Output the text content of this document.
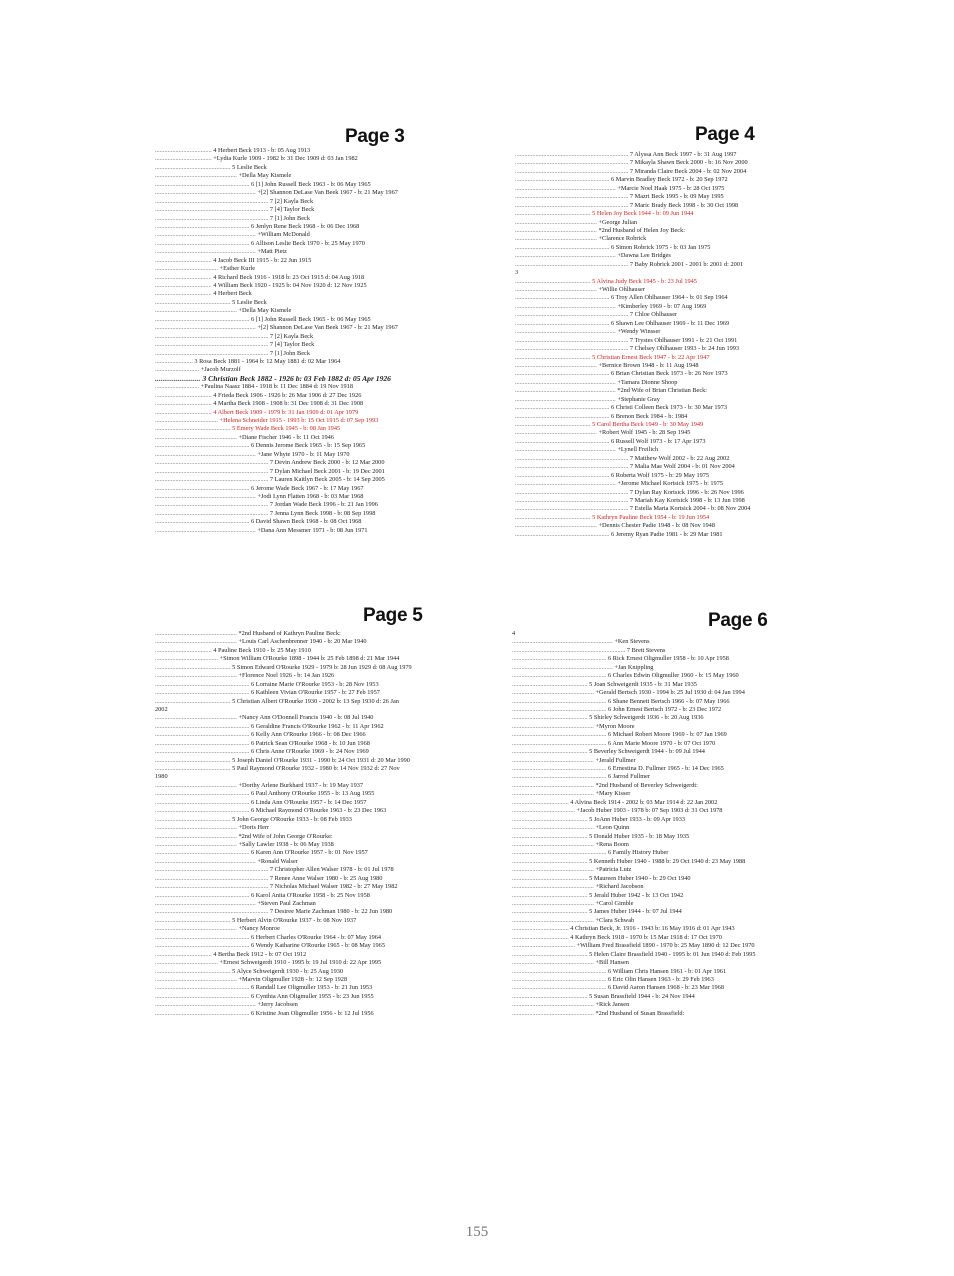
Page 3
.................................... 4 Herbert Beck 1913 - b: 05 Aug 1913
.................................... +Lydia Kurle 1909 - 1982 b: 31 Dec 1909 d: 03 Jan 1982
................................................ 5 Leslie Beck
.................................................... +Della May Kismele
............................................................ 6 [1] John Russell Beck 1963 - b: 06 May 1965
................................................................ +[2] Shannon DeLase Van Beek 1967 - b: 21 May 1967
........................................................................ 7 [2] Kayla Beck
........................................................................ 7 [4] Taylor Beck
........................................................................ 7 [1] John Beck
............................................................ 6 Jenlyn Rene Beck 1968 - b: 06 Dec 1968
................................................................ +William McDonald
............................................................ 6 Allison Leslie Beck 1970 - b: 25 May 1970
................................................................ +Matt Pietz
.................................... 4 Jacob Beck III 1915 - b: 22 Jun 1915
........................................ +Esther Kurle
.................................... 4 Richard Beck 1916 - 1918 b: 23 Oct 1915 d: 04 Aug 1918
.................................... 4 William Beck 1920 - 1925 b: 04 Nov 1920 d: 12 Nov 1925
.................................... 4 Herbert Beck
................................................ 5 Leslie Beck
.................................................... +Della May Kismele
............................................................ 6 [1] John Russell Beck 1965 - b: 06 May 1965
................................................................ +[2] Shannon DeLase Van Beek 1967 - b: 21 May 1967
........................................................................ 7 [2] Kayla Beck
........................................................................ 7 [4] Taylor Beck
........................................................................ 7 [1] John Beck
........................ 3 Rosa Beck 1881 - 1964 b: 12 May 1881 d: 02 Mar 1964
............................ +Jacob Murzolf
........................ 3 Christian Beck 1882 - 1926 b: 03 Feb 1882 d: 05 Apr 1926
............................ +Paulina Naasz 1884 - 1918 b: 11 Dec 1884 d: 19 Nov 1918
.................................... 4 Frieda Beck 1906 - 1926 b: 26 Mar 1906 d: 27 Dec 1926
.................................... 4 Martha Beck 1908 - 1908 b: 31 Dec 1908 d: 31 Dec 1908
.................................... 4 Albert Beck 1909 - 1979 b: 31 Jan 1909 d: 01 Apr 1979
........................................ +Helena Schneider 1915 - 1993 b: 15 Oct 1915 d: 07 Sep 1993
................................................ 5 Emery Wade Beck 1945 - b: 08 Jan 1945
.................................................... +Diane Fischer 1946 - b: 11 Oct 1946
............................................................ 6 Dennis Jerome Beck 1965 - b: 15 Sep 1965
................................................................ +Jane Whyte 1970 - b: 11 May 1970
........................................................................ 7 Devin Andrew Beck 2000 - b: 12 Mar 2000
........................................................................ 7 Dylan Michael Beck 2001 - b: 19 Dec 2001
........................................................................ 7 Lauren Kaitlyn Beck 2005 - b: 14 Sep 2005
............................................................ 6 Jerome Wade Beck 1967 - b: 17 May 1967
................................................................ +Jodi Lynn Flatten 1968 - b: 03 Mar 1968
........................................................................ 7 Jordan Wade Beck 1996 - b: 21 Jan 1996
........................................................................ 7 Jenna Lynn Beck 1998 - b: 08 Sep 1998
............................................................ 6 David Shawn Beck 1968 - b: 08 Oct 1968
................................................................ +Dana Ann Messmer 1971 - b: 08 Jun 1971
Page 4
........................................................................ 7 Alyssa Ann Beck 1997 - b: 31 Aug 1997
........................................................................ 7 Mikayla Shawn Beck 2000 - b: 16 Nov 2000
........................................................................ 7 Miranda Claire Beck 2004 - b: 02 Nov 2004
............................................................ 6 Marvin Bradley Beck 1972 - b: 20 Sep 1972
................................................................ +Marcie Noel Haak 1975 - b: 28 Oct 1975
........................................................................ 7 Mazri Beck 1995 - b: 09 May 1995
........................................................................ 7 Maric Brady Beck 1998 - b: 30 Oct 1998
................................................ 5 Helen Joy Beck 1944 - b: 09 Jun 1944
.................................................... +George Julian
.................................................... *2nd Husband of Helen Joy Beck:
.................................................... +Clarence Robrick
............................................................ 6 Simon Robrick 1975 - b: 03 Jan 1975
................................................................ +Dawna Lee Bridges
........................................................................ 7 Baby Robrick 2001 - 2001 b: 2001 d: 2001
3
................................................ 5 Alvina Judy Beck 1945 - b: 23 Jul 1945
.................................................... +Willie Ohlhauser
............................................................ 6 Troy Allen Ohlhauser 1964 - b: 01 Sep 1964
................................................................ +Kimberley 1969 - b: 07 Aug 1969
........................................................................ 7 Chloe Ohlhauser
............................................................ 6 Shawn Lee Ohlhauser 1969 - b: 11 Dec 1969
................................................................ +Wendy Winsser
........................................................................ 7 Trystes Ohlhauser 1991 - b: 21 Oct 1991
........................................................................ 7 Chelsey Ohlhauser 1993 - b: 24 Jun 1993
................................................ 5 Christian Ernest Beck 1947 - b: 22 Apr 1947
.................................................... +Bernice Brown 1948 - b: 11 Aug 1948
............................................................ 6 Brian Christian Beck 1973 - b: 26 Nov 1973
................................................................ +Tamara Dionne Shoop
................................................................ *2nd Wife of Brian Christian Beck:
................................................................ +Stephanie Gray
............................................................ 6 Christi Colleen Beck 1973 - b: 30 Mar 1973
............................................................ 6 Brenon Beck 1984 - b: 1984
................................................ 5 Carol Bertha Beck 1949 - b: 30 May 1949
.................................................... +Robert Wolf 1945 - b: 28 Sep 1945
............................................................ 6 Russell Wolf 1973 - b: 17 Apr 1973
................................................................ +Lynell Freilich
........................................................................ 7 Matthew Wolf 2002 - b: 22 Aug 2002
........................................................................ 7 Malia Mae Wolf 2004 - b: 01 Nov 2004
............................................................ 6 Roberta Wolf 1975 - b: 29 May 1975
................................................................ +Jerome Michael Kortsick 1975 - b: 1975
........................................................................ 7 Dylan Ray Kortsick 1996 - b: 26 Nov 1996
........................................................................ 7 Mariah Kay Kortsick 1998 - b: 13 Jun 1998
........................................................................ 7 Estella Maria Kortsick 2004 - b: 08 Nov 2004
................................................ 5 Kathryn Pauline Beck 1954 - b: 19 Jun 1954
.................................................... +Dennis Chester Padie 1948 - b: 08 Nov 1948
............................................................ 6 Jeremy Ryan Padie 1981 - b: 29 Mar 1981
Page 5
.................................................... *2nd Husband of Kathryn Pauline Beck:
.................................................... +Louis Carl Aschenbrenner 1940 - b: 20 Mar 1940
.................................... 4 Pauline Beck 1910 - b: 25 May 1910
........................................ +Simon William O'Rourke 1898 - 1944 b: 25 Feb 1898 d: 21 Mar 1944
................................................ 5 Simon Edward O'Rourke 1929 - 1979 b: 28 Jun 1929 d: 08 Aug 1979
.................................................... +Florence Noel 1926 - b: 14 Jan 1926
............................................................ 6 Lorraine Marie O'Rourke 1953 - b: 28 Nov 1953
............................................................ 6 Kathleen Vivian O'Rourke 1957 - b: 27 Feb 1957
................................................ 5 Christian Albert O'Rourke 1930 - 2002 b: 13 Sep 1930 d: 26 Jan
2002
.................................................... +Nancy Ann O'Donnell Francis 1940 - b: 08 Jul 1940
............................................................ 6 Geraldine Francis O'Rourke 1962 - b: 11 Apr 1962
............................................................ 6 Kelly Ann O'Rourke 1966 - b: 08 Dec 1966
............................................................ 6 Patrick Sean O'Rourke 1968 - b: 10 Jun 1968
............................................................ 6 Chris Anne O'Rourke 1969 - b: 24 Nov 1969
................................................ 5 Joseph Daniel O'Rourke 1931 - 1990 b: 24 Oct 1931 d: 20 Mar 1990
................................................ 5 Paul Raymond O'Rourke 1932 - 1980 b: 14 Nov 1932 d: 27 Nov
1980
.................................................... +Dorthy Arlene Burkhard 1937 - b: 19 May 1937
............................................................ 6 Paul Anthony O'Rourke 1955 - b: 13 Aug 1955
............................................................ 6 Linda Ann O'Rourke 1957 - b: 14 Dec 1957
............................................................ 6 Michael Raymond O'Rourke 1963 - b: 23 Dec 1963
................................................ 5 John George O'Rourke 1933 - b: 08 Feb 1933
.................................................... +Doris Herr
.................................................... *2nd Wife of John George O'Rourke:
.................................................... +Sally Lawler 1938 - b: 06 May 1938
............................................................ 6 Karen Ann O'Rourke 1957 - b: 01 Nov 1957
................................................................ +Ronald Walser
........................................................................ 7 Christopher Allen Walser 1978 - b: 01 Jul 1978
........................................................................ 7 Renee Anne Walser 1980 - b: 25 Aug 1980
........................................................................ 7 Nicholas Michael Walser 1982 - b: 27 May 1982
............................................................ 6 Karol Anita O'Rourke 1958 - b: 25 Nov 1958
................................................................ +Steven Paul Zachman
........................................................................ 7 Desiree Marie Zachman 1980 - b: 22 Jun 1980
................................................ 5 Herbert Alvin O'Rourke 1937 - b: 08 Nov 1937
.................................................... +Nancy Monroe
............................................................ 6 Herbert Charles O'Rourke 1964 - b: 07 May 1964
............................................................ 6 Wendy Katharine O'Rourke 1965 - b: 08 May 1965
.................................... 4 Bertha Beck 1912 - b: 07 Oct 1912
........................................ +Ernest Schweigerdt 1910 - 1995 b: 19 Jul 1910 d: 22 Apr 1995
................................................ 5 Alyce Schweigerdt 1930 - b: 25 Aug 1930
.................................................... +Marvin Oligmuller 1928 - b: 12 Sep 1928
............................................................ 6 Randall Lee Oligmuller 1953 - b: 21 Jun 1953
............................................................ 6 Cynthia Ann Oligmuller 1955 - b: 23 Jun 1955
................................................................ +Jerry Jacobsen
............................................................ 6 Kristine Joan Oligmuller 1956 - b: 12 Jul 1956
Page 6
4
................................................................ +Ken Stevens
........................................................................ 7 Brett Stevens
............................................................ 6 Rick Ernest Oligmuller 1958 - b: 10 Apr 1958
................................................................ +Jan Knippling
............................................................ 6 Charles Edwin Oligmuller 1960 - b: 15 May 1960
................................................ 5 Joan Schweigerdt 1935 - b: 31 Mar 1935
.................................................... +Gerald Bertsch 1930 - 1994 b: 25 Jul 1930 d: 04 Jan 1994
............................................................ 6 Shane Bennett Bertsch 1966 - b: 07 May 1966
............................................................ 6 John Ernest Bertsch 1972 - b: 23 Dec 1972
................................................ 5 Shirley Schweigerdt 1936 - b: 20 Aug 1936
.................................................... +Myron Moore
............................................................ 6 Michael Robert Moore 1969 - b: 07 Jan 1969
............................................................ 6 Ann Marie Moore 1970 - b: 07 Oct 1970
................................................ 5 Beverley Schweigerdt 1944 - b: 09 Jul 1944
.................................................... +Jerald Fullmer
............................................................ 6 Ernestina D. Fullmer 1965 - b: 14 Dec 1965
............................................................ 6 Jarrod Fullmer
.................................................... *2nd Husband of Beverley Schweigerdt:
.................................................... +Mary Kisser
.................................... 4 Alvina Beck 1914 - 2002 b: 03 Mar 1914 d: 22 Jan 2002
........................................ +Jacob Huber 1903 - 1978 b: 07 Sep 1903 d: 31 Oct 1978
................................................ 5 JoAnn Huber 1933 - b: 09 Apr 1933
.................................................... +Leon Quinn
................................................ 5 Donald Huber 1935 - b: 18 May 1935
.................................................... +Rena Boom
............................................................ 6 Family History Huber
................................................ 5 Kenneth Huber 1940 - 1988 b: 29 Oct 1940 d: 23 May 1988
.................................................... +Patricia Lutz
................................................ 5 Maureen Huber 1940 - b: 29 Oct 1940
.................................................... +Richard Jacobson
................................................ 5 Jerald Huber 1942 - b: 13 Oct 1942
.................................................... +Carol Gimble
................................................ 5 James Huber 1944 - b: 07 Jul 1944
.................................................... +Clara Schwab
.................................... 4 Christian Beck, Jr. 1916 - 1943 b: 16 May 1916 d: 01 Apr 1943
.................................... 4 Kathryn Beck 1918 - 1970 b: 15 Mar 1918 d: 17 Oct 1970
........................................ +William Fred Brassfield 1890 - 1970 b: 25 May 1890 d: 12 Dec 1970
................................................ 5 Helen Claire Brassfield 1940 - 1995 b: 01 Jun 1940 d: Feb 1995
.................................................... +Bill Hansen
............................................................ 6 William Chris Hansen 1961 - b: 01 Apr 1961
............................................................ 6 Eric Olin Hansen 1963 - b: 29 Feb 1963
............................................................ 6 David Aaron Hansen 1968 - b: 23 Mar 1968
................................................ 5 Susan Brassfield 1944 - b: 24 Nov 1944
.................................................... +Rick Jansen
.................................................... *2nd Husband of Susan Brassfield:
155
